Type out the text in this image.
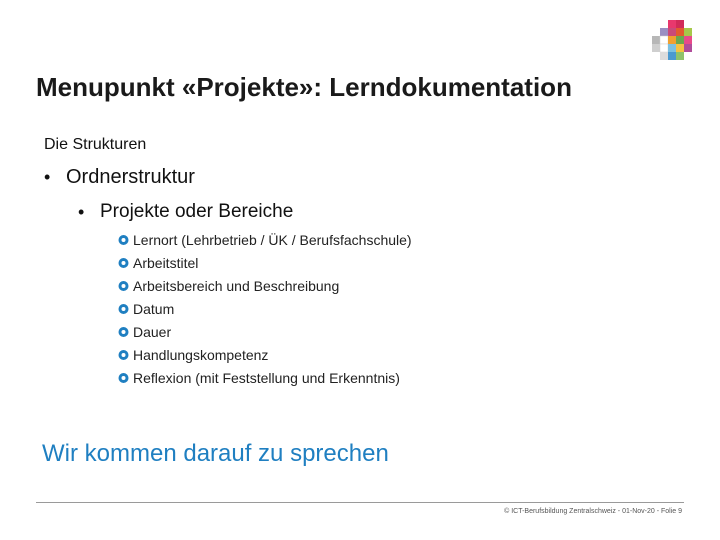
Menupunkt «Projekte»: Lerndokumentation
Die Strukturen
• Ordnerstruktur
• Projekte oder Bereiche
Lernort (Lehrbetrieb / ÜK / Berufsfachschule)
Arbeitstitel
Arbeitsbereich und Beschreibung
Datum
Dauer
Handlungskompetenz
Reflexion (mit Feststellung und Erkenntnis)
Wir kommen darauf zu sprechen
© ICT-Berufsbildung Zentralschweiz - 01-Nov-20 - Folie 9
